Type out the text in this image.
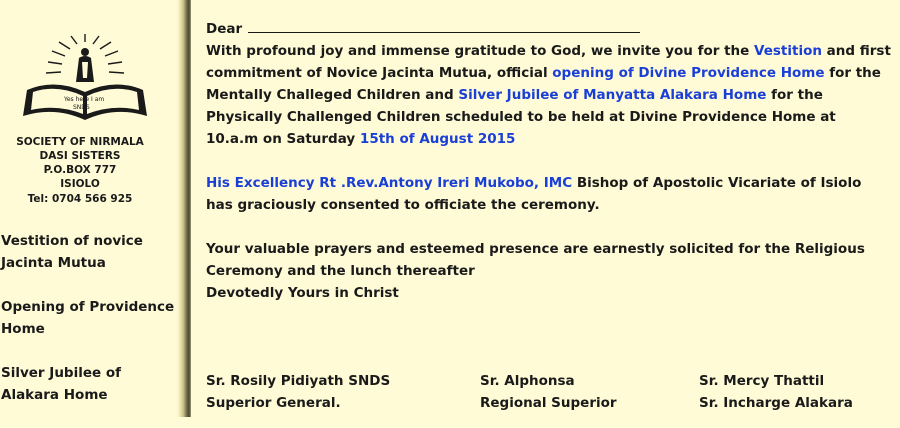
Yes here I am
SNDS
SOCIETY OF NIRMALA
DASI SISTERS
P.O.BOX 777
ISIOLO
Tel: 0704 566 925
Vestition of novice
Jacinta Mutua
Opening of Providence
Home
Silver Jubilee of
Alakara Home

Dear

With profound joy and immense gratitude to God, we invite you for the Vestition and first commitment of Novice Jacinta Mutua, official opening of Divine Providence Home for the Mentally Challeged Children and Silver Jubilee of Manyatta Alakara Home for the Physically Challenged Children scheduled to be held at Divine Providence Home at 10.a.m on Saturday 15th of August 2015

His Excellency Rt .Rev.Antony Ireri Mukobo, IMC Bishop of Apostolic Vicariate of Isiolo has graciously consented to officiate the ceremony.

Your valuable prayers and esteemed presence are earnestly solicited for the Religious Ceremony and the lunch thereafter

Devotedly Yours in Christ

Sr. Rosily Pidiyath SNDS
Superior General.
Sr. Alphonsa
Regional Superior
Sr. Mercy Thattil
Sr. Incharge Alakara
